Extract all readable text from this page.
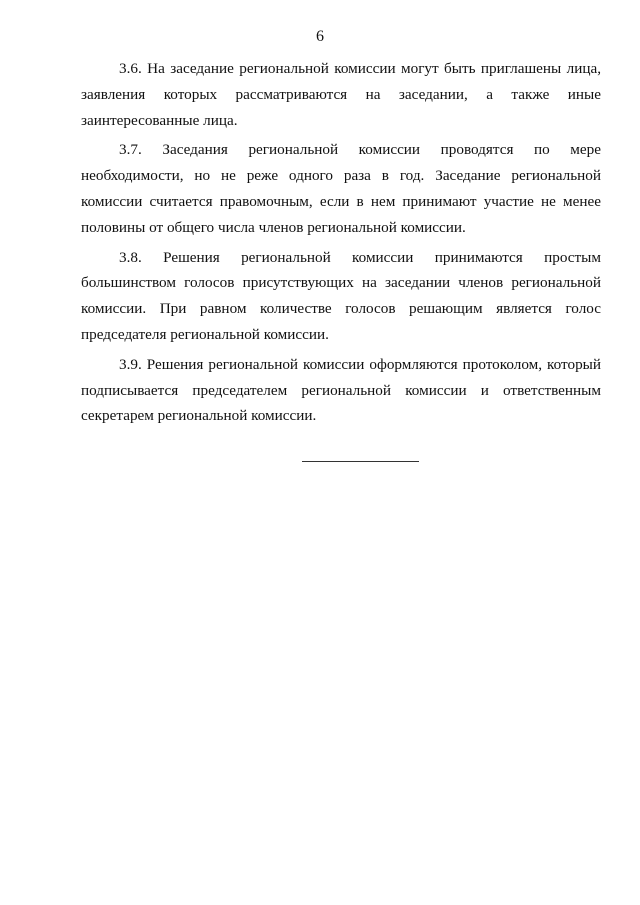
6

3.6. На заседание региональной комиссии могут быть приглашены лица, заявления которых рассматриваются на заседании, а также иные заинтересованные лица.

3.7. Заседания региональной комиссии проводятся по мере необходимости, но не реже одного раза в год. Заседание региональной комиссии считается правомочным, если в нем принимают участие не менее половины от общего числа членов региональной комиссии.

3.8. Решения региональной комиссии принимаются простым большинством голосов присутствующих на заседании членов региональной комиссии. При равном количестве голосов решающим является голос председателя региональной комиссии.

3.9. Решения региональной комиссии оформляются протоколом, который подписывается председателем региональной комиссии и ответственным секретарем региональной комиссии.
